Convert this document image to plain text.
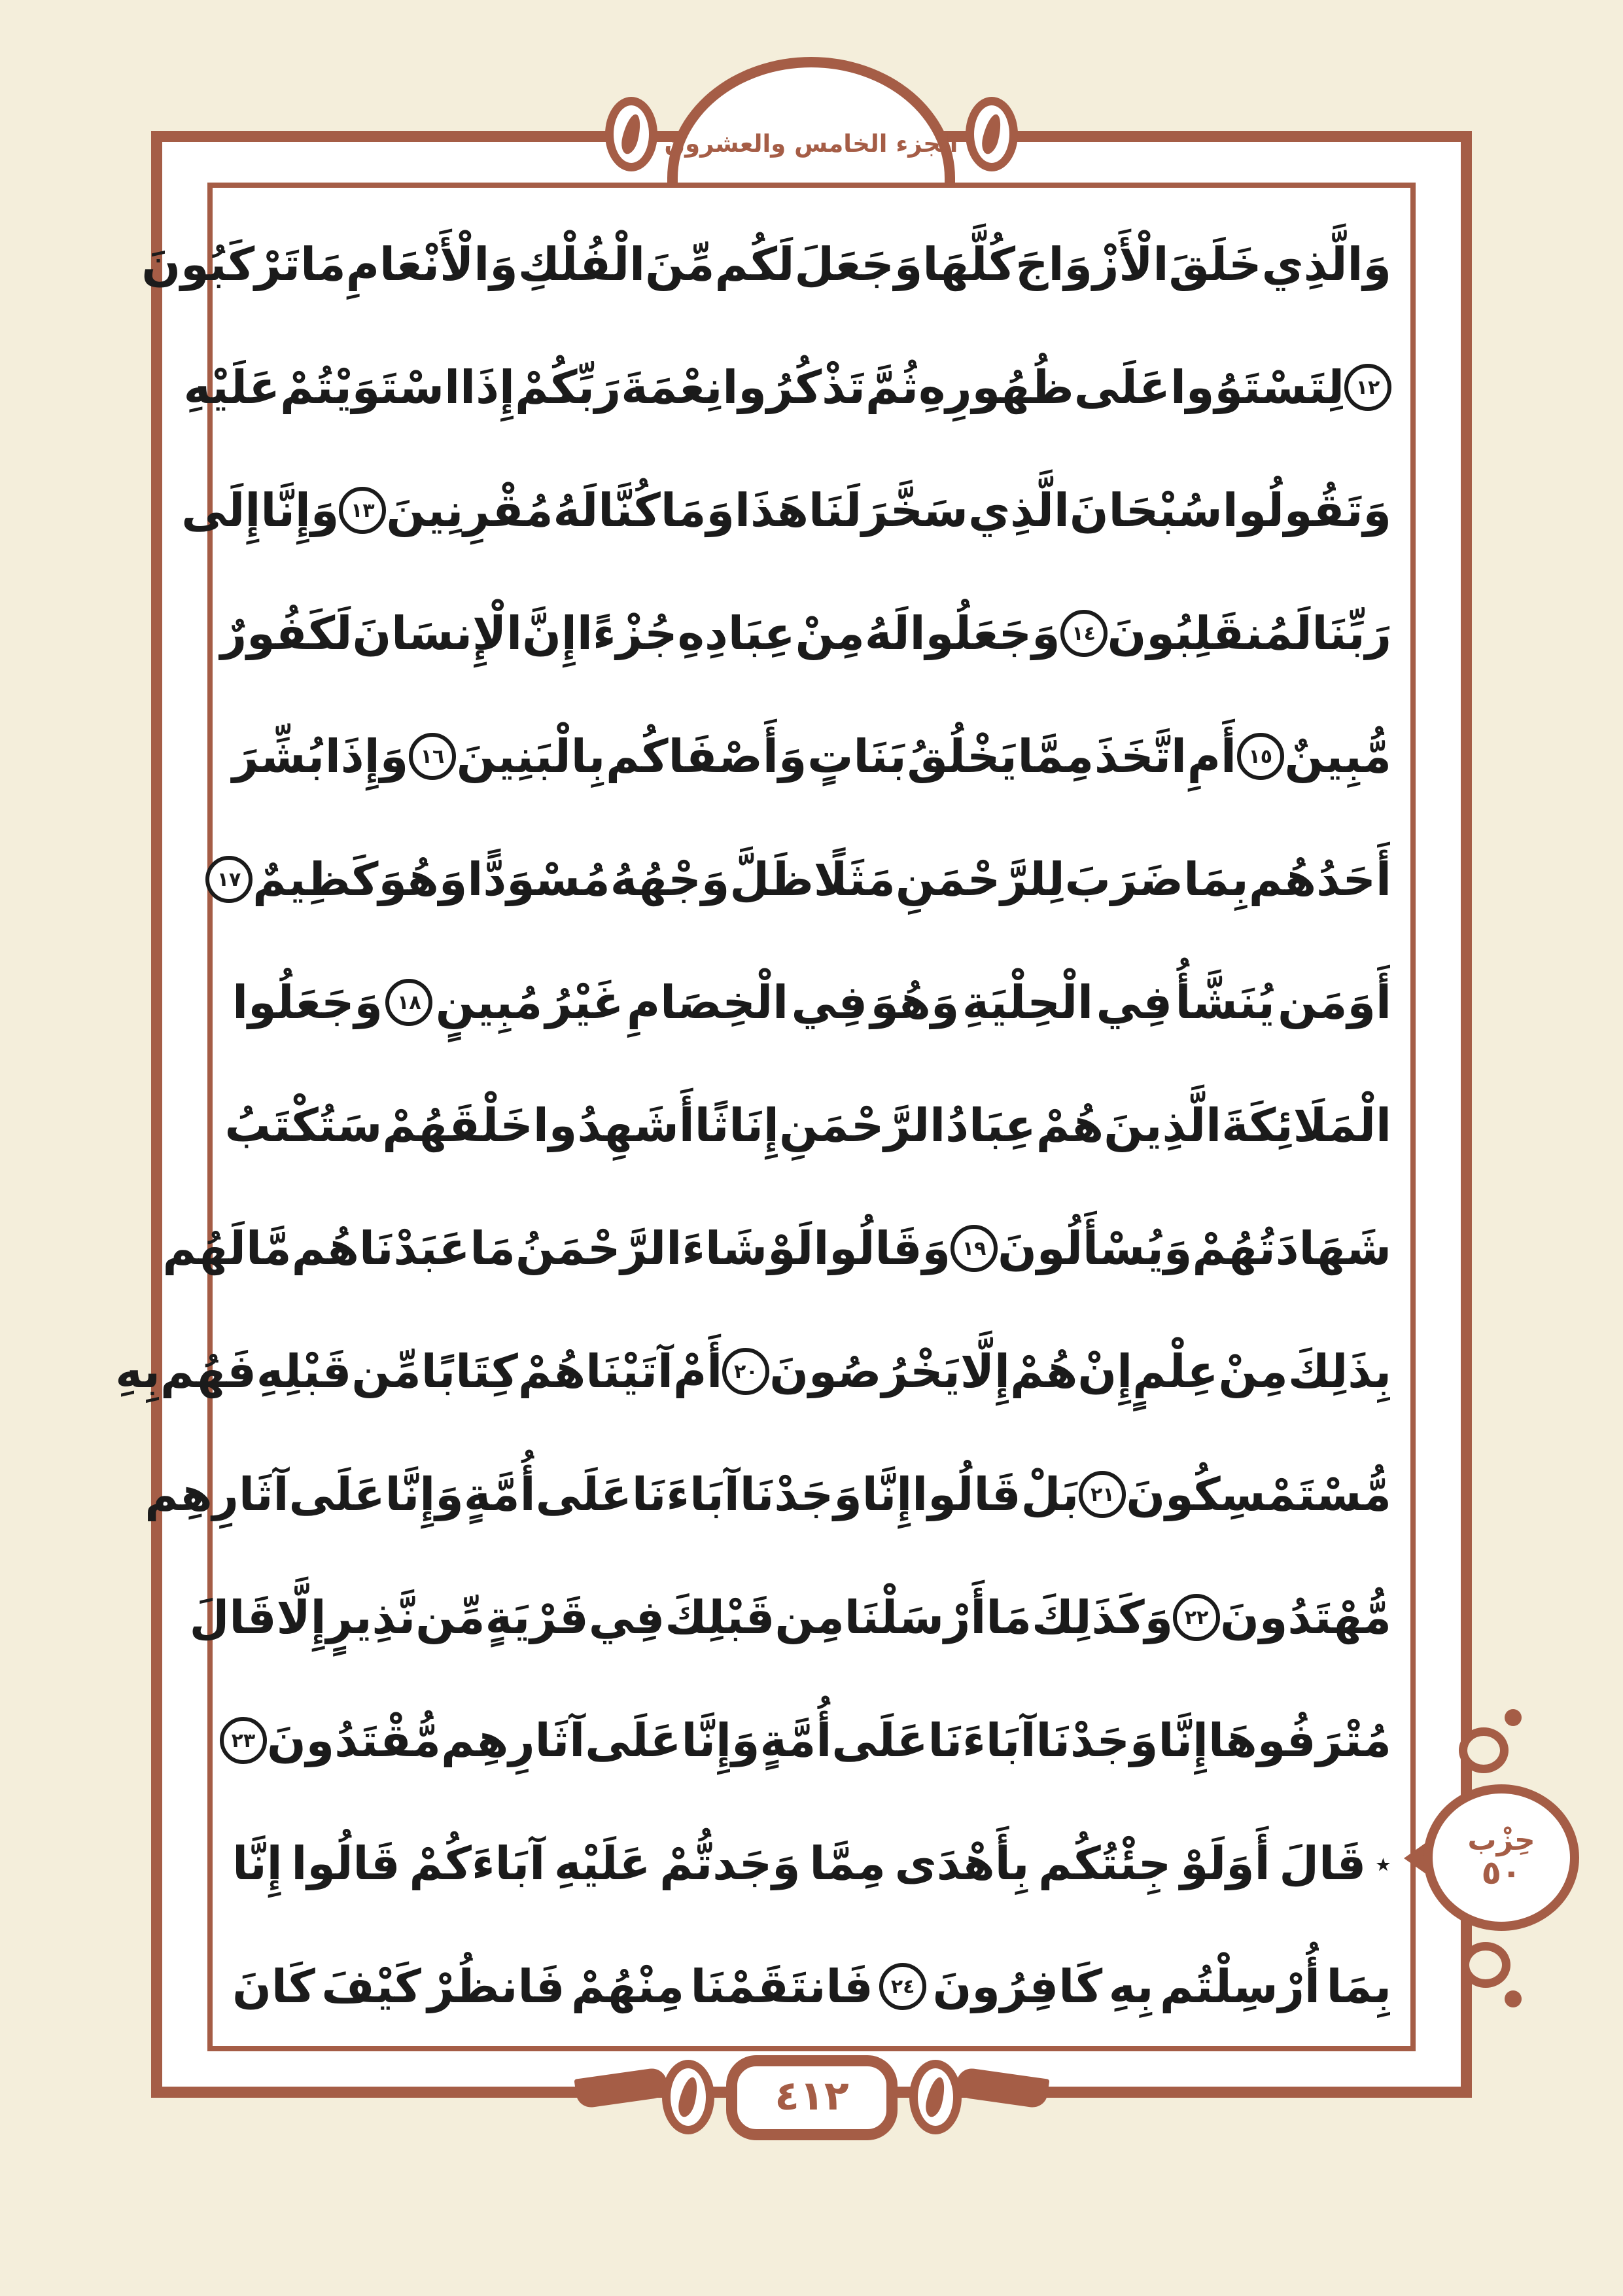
الجزء الخامس والعشرون
وَالَّذِي
خَلَقَ
الْأَزْوَاجَ
كُلَّهَا
وَجَعَلَ
لَكُم
مِّنَ
الْفُلْكِ
وَالْأَنْعَامِ
مَا
تَرْكَبُونَ
١٢
لِتَسْتَوُوا
عَلَى
ظُهُورِهِ
ثُمَّ
تَذْكُرُوا
نِعْمَةَ
رَبِّكُمْ
إِذَا
اسْتَوَيْتُمْ
عَلَيْهِ
وَتَقُولُوا
سُبْحَانَ
الَّذِي
سَخَّرَ
لَنَا
هَذَا
وَمَا
كُنَّا
لَهُ
مُقْرِنِينَ
١٣
وَإِنَّا
إِلَى
رَبِّنَا
لَمُنقَلِبُونَ
١٤
وَجَعَلُوا
لَهُ
مِنْ
عِبَادِهِ
جُزْءًا
إِنَّ
الْإِنسَانَ
لَكَفُورٌ
مُّبِينٌ
١٥
أَمِ
اتَّخَذَ
مِمَّا
يَخْلُقُ
بَنَاتٍ
وَأَصْفَاكُم
بِالْبَنِينَ
١٦
وَإِذَا
بُشِّرَ
أَحَدُهُم
بِمَا
ضَرَبَ
لِلرَّحْمَنِ
مَثَلًا
ظَلَّ
وَجْهُهُ
مُسْوَدًّا
وَهُوَ
كَظِيمٌ
١٧
أَوَمَن
يُنَشَّأُ
فِي
الْحِلْيَةِ
وَهُوَ
فِي
الْخِصَامِ
غَيْرُ
مُبِينٍ
١٨
وَجَعَلُوا
الْمَلَائِكَةَ
الَّذِينَ
هُمْ
عِبَادُ
الرَّحْمَنِ
إِنَاثًا
أَشَهِدُوا
خَلْقَهُمْ
سَتُكْتَبُ
شَهَادَتُهُمْ
وَيُسْأَلُونَ
١٩
وَقَالُوا
لَوْ
شَاءَ
الرَّحْمَنُ
مَا
عَبَدْنَاهُم
مَّا
لَهُم
بِذَلِكَ
مِنْ
عِلْمٍ
إِنْ
هُمْ
إِلَّا
يَخْرُصُونَ
٢٠
أَمْ
آتَيْنَاهُمْ
كِتَابًا
مِّن
قَبْلِهِ
فَهُم
بِهِ
مُّسْتَمْسِكُونَ
٢١
بَلْ
قَالُوا
إِنَّا
وَجَدْنَا
آبَاءَنَا
عَلَى
أُمَّةٍ
وَإِنَّا
عَلَى
آثَارِهِم
مُّهْتَدُونَ
٢٢
وَكَذَلِكَ
مَا
أَرْسَلْنَا
مِن
قَبْلِكَ
فِي
قَرْيَةٍ
مِّن
نَّذِيرٍ
إِلَّا
قَالَ
مُتْرَفُوهَا
إِنَّا
وَجَدْنَا
آبَاءَنَا
عَلَى
أُمَّةٍ
وَإِنَّا
عَلَى
آثَارِهِم
مُّقْتَدُونَ
٢٣
٭
قَالَ
أَوَلَوْ
جِئْتُكُم
بِأَهْدَى
مِمَّا
وَجَدتُّمْ
عَلَيْهِ
آبَاءَكُمْ
قَالُوا
إِنَّا
بِمَا
أُرْسِلْتُم
بِهِ
كَافِرُونَ
٢٤
فَانتَقَمْنَا
مِنْهُمْ
فَانظُرْ
كَيْفَ
كَانَ
حِزْب
٥٠
٤١٢
